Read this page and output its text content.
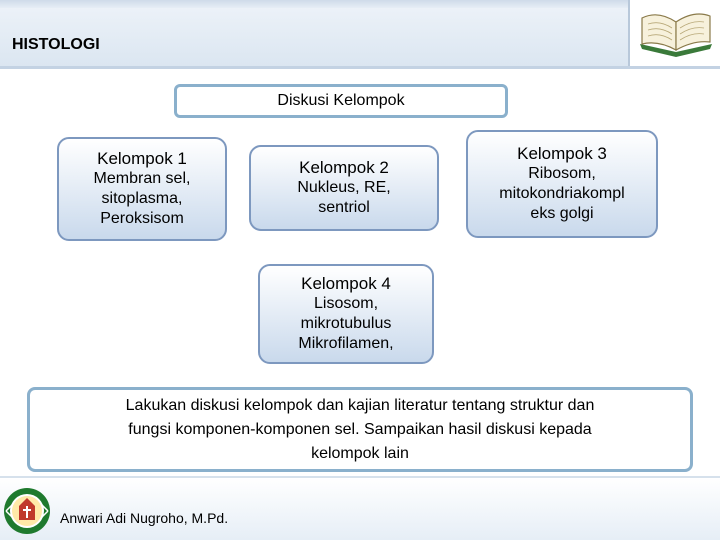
HISTOLOGI
Diskusi Kelompok
Kelompok 1
Membran sel,
sitoplasma,
Peroksisom
Kelompok 2
Nukleus, RE,
sentriol
Kelompok 3
Ribosom,
mitokondriakompl
eks golgi
Kelompok 4
Lisosom,
mikrotubulus
Mikrofilamen,
Lakukan diskusi kelompok dan kajian literatur tentang struktur dan
fungsi komponen-komponen sel. Sampaikan hasil diskusi kepada
kelompok lain
Anwari Adi Nugroho, M.Pd.
